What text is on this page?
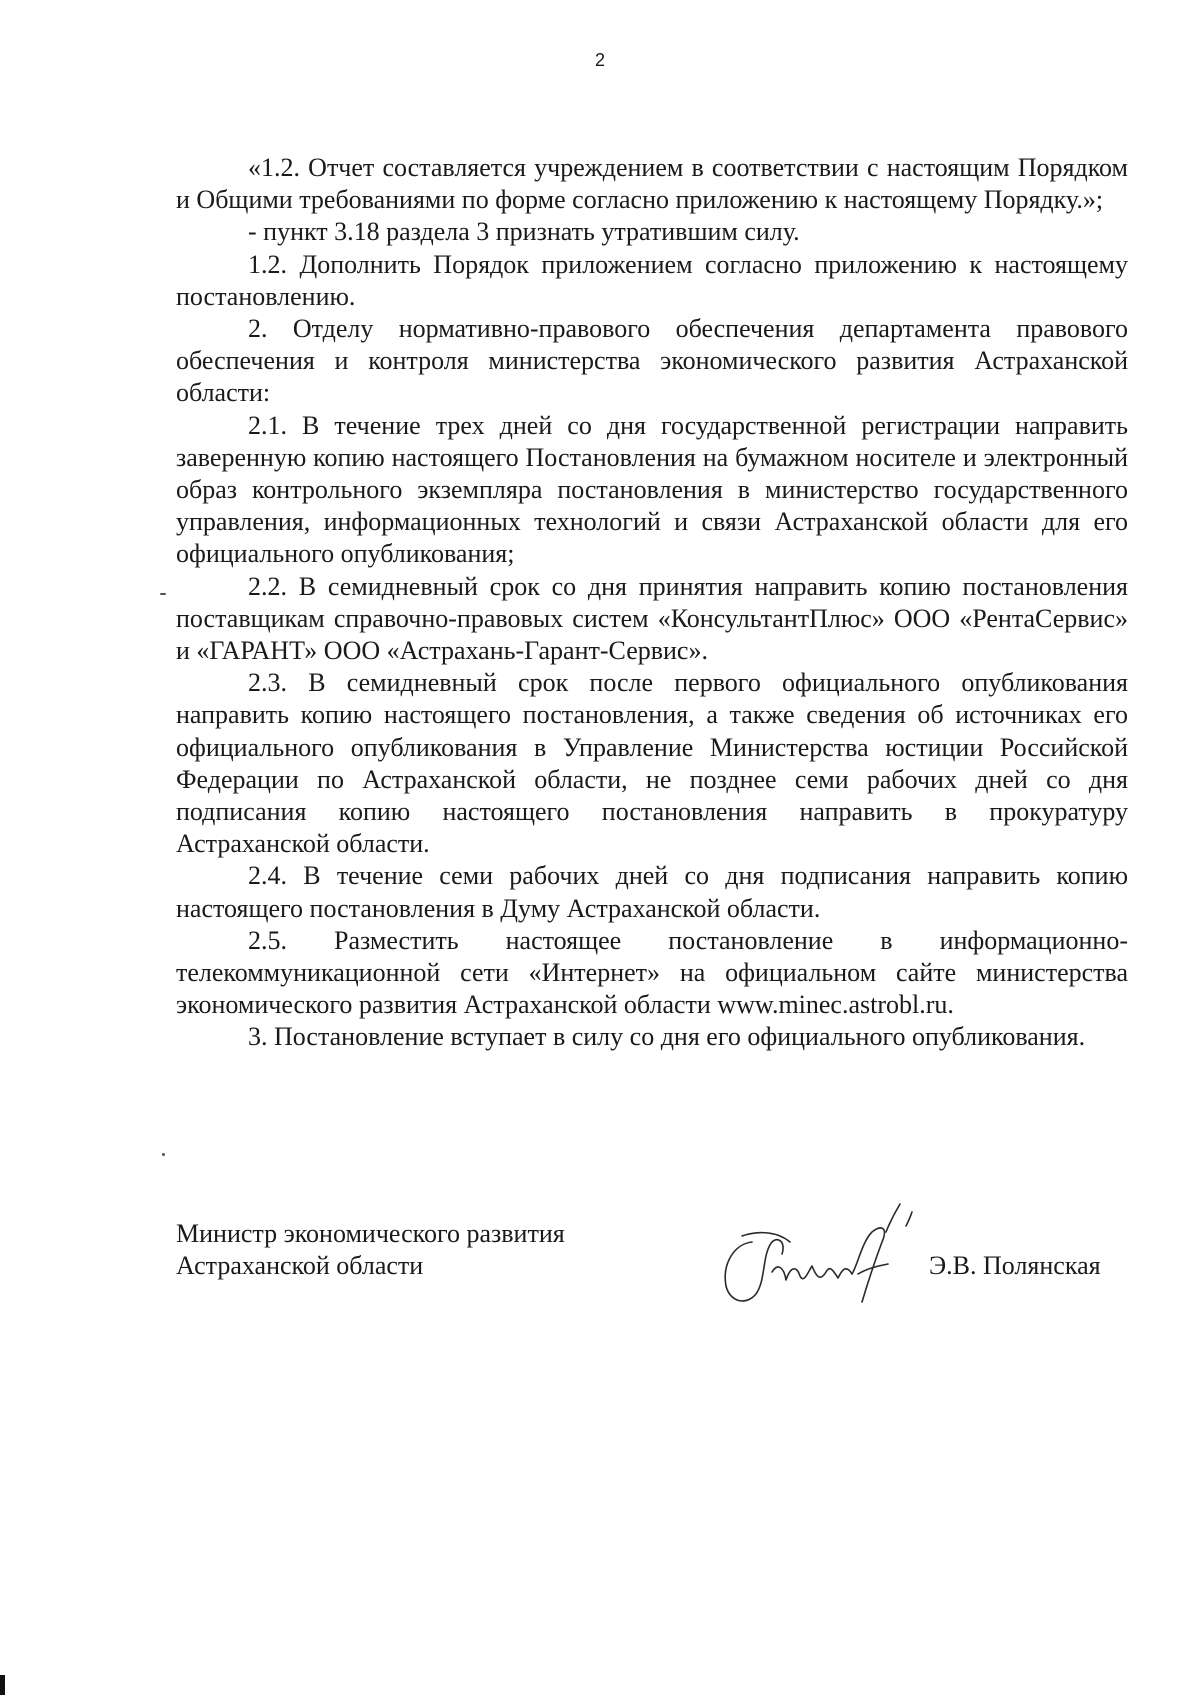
2

«1.2. Отчет составляется учреждением в соответствии с настоящим Порядком и Общими требованиями по форме согласно приложению к настоящему Порядку.»;

- пункт 3.18 раздела 3 признать утратившим силу.

1.2. Дополнить Порядок приложением согласно приложению к настоящему постановлению.

2. Отделу нормативно-правового обеспечения департамента правового обеспечения и контроля министерства экономического развития Астраханской области:

2.1. В течение трех дней со дня государственной регистрации направить заверенную копию настоящего Постановления на бумажном носителе и электронный образ контрольного экземпляра постановления в министерство государственного управления, информационных технологий и связи Астраханской области для его официального опубликования;

2.2. В семидневный срок со дня принятия направить копию постановления поставщикам справочно-правовых систем «КонсультантПлюс» ООО «РентаСервис» и «ГАРАНТ» ООО «Астрахань-Гарант-Сервис».

2.3. В семидневный срок после первого официального опубликования направить копию настоящего постановления, а также сведения об источниках его официального опубликования в Управление Министерства юстиции Российской Федерации по Астраханской области, не позднее семи рабочих дней со дня подписания копию настоящего постановления направить в прокуратуру Астраханской области.

2.4. В течение семи рабочих дней со дня подписания направить копию настоящего постановления в Думу Астраханской области.

2.5. Разместить настоящее постановление в информационно-телекоммуникационной сети «Интернет» на официальном сайте министерства экономического развития Астраханской области www.minec.astrobl.ru.

3. Постановление вступает в силу со дня его официального опубликования.

Министр экономического развития
Астраханской области	Э.В. Полянская
